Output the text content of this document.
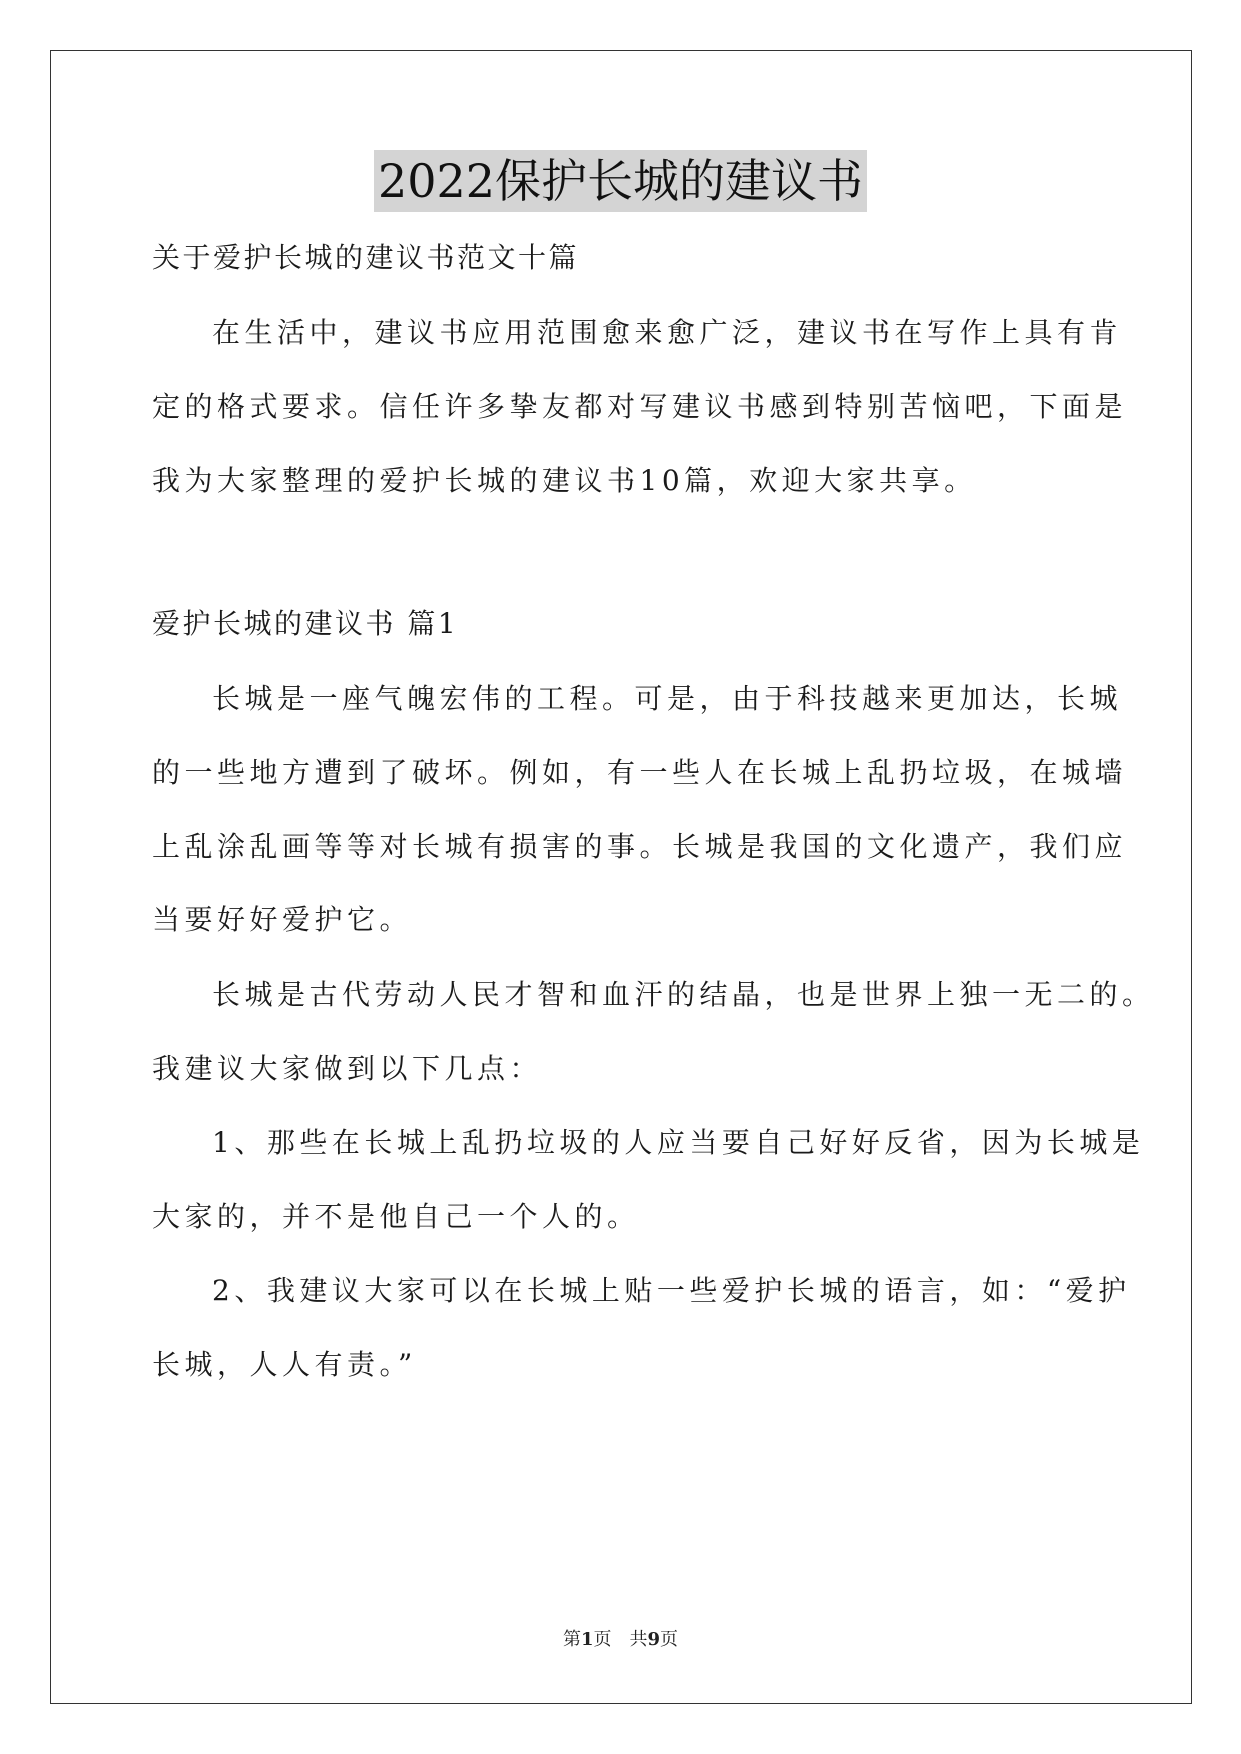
2022保护长城的建议书
关于爱护长城的建议书范文十篇
在生活中，建议书应用范围愈来愈广泛，建议书在写作上具有肯
定的格式要求。信任许多挚友都对写建议书感到特别苦恼吧，下面是
我为大家整理的爱护长城的建议书10篇，欢迎大家共享。
爱护长城的建议书 篇1
长城是一座气魄宏伟的工程。可是，由于科技越来更加达，长城
的一些地方遭到了破坏。例如，有一些人在长城上乱扔垃圾，在城墙
上乱涂乱画等等对长城有损害的事。长城是我国的文化遗产，我们应
当要好好爱护它。
长城是古代劳动人民才智和血汗的结晶，也是世界上独一无二的。
我建议大家做到以下几点：
1、那些在长城上乱扔垃圾的人应当要自己好好反省，因为长城是
大家的，并不是他自己一个人的。
2、我建议大家可以在长城上贴一些爱护长城的语言，如：“爱护
长城，人人有责。”
第1页　共9页
